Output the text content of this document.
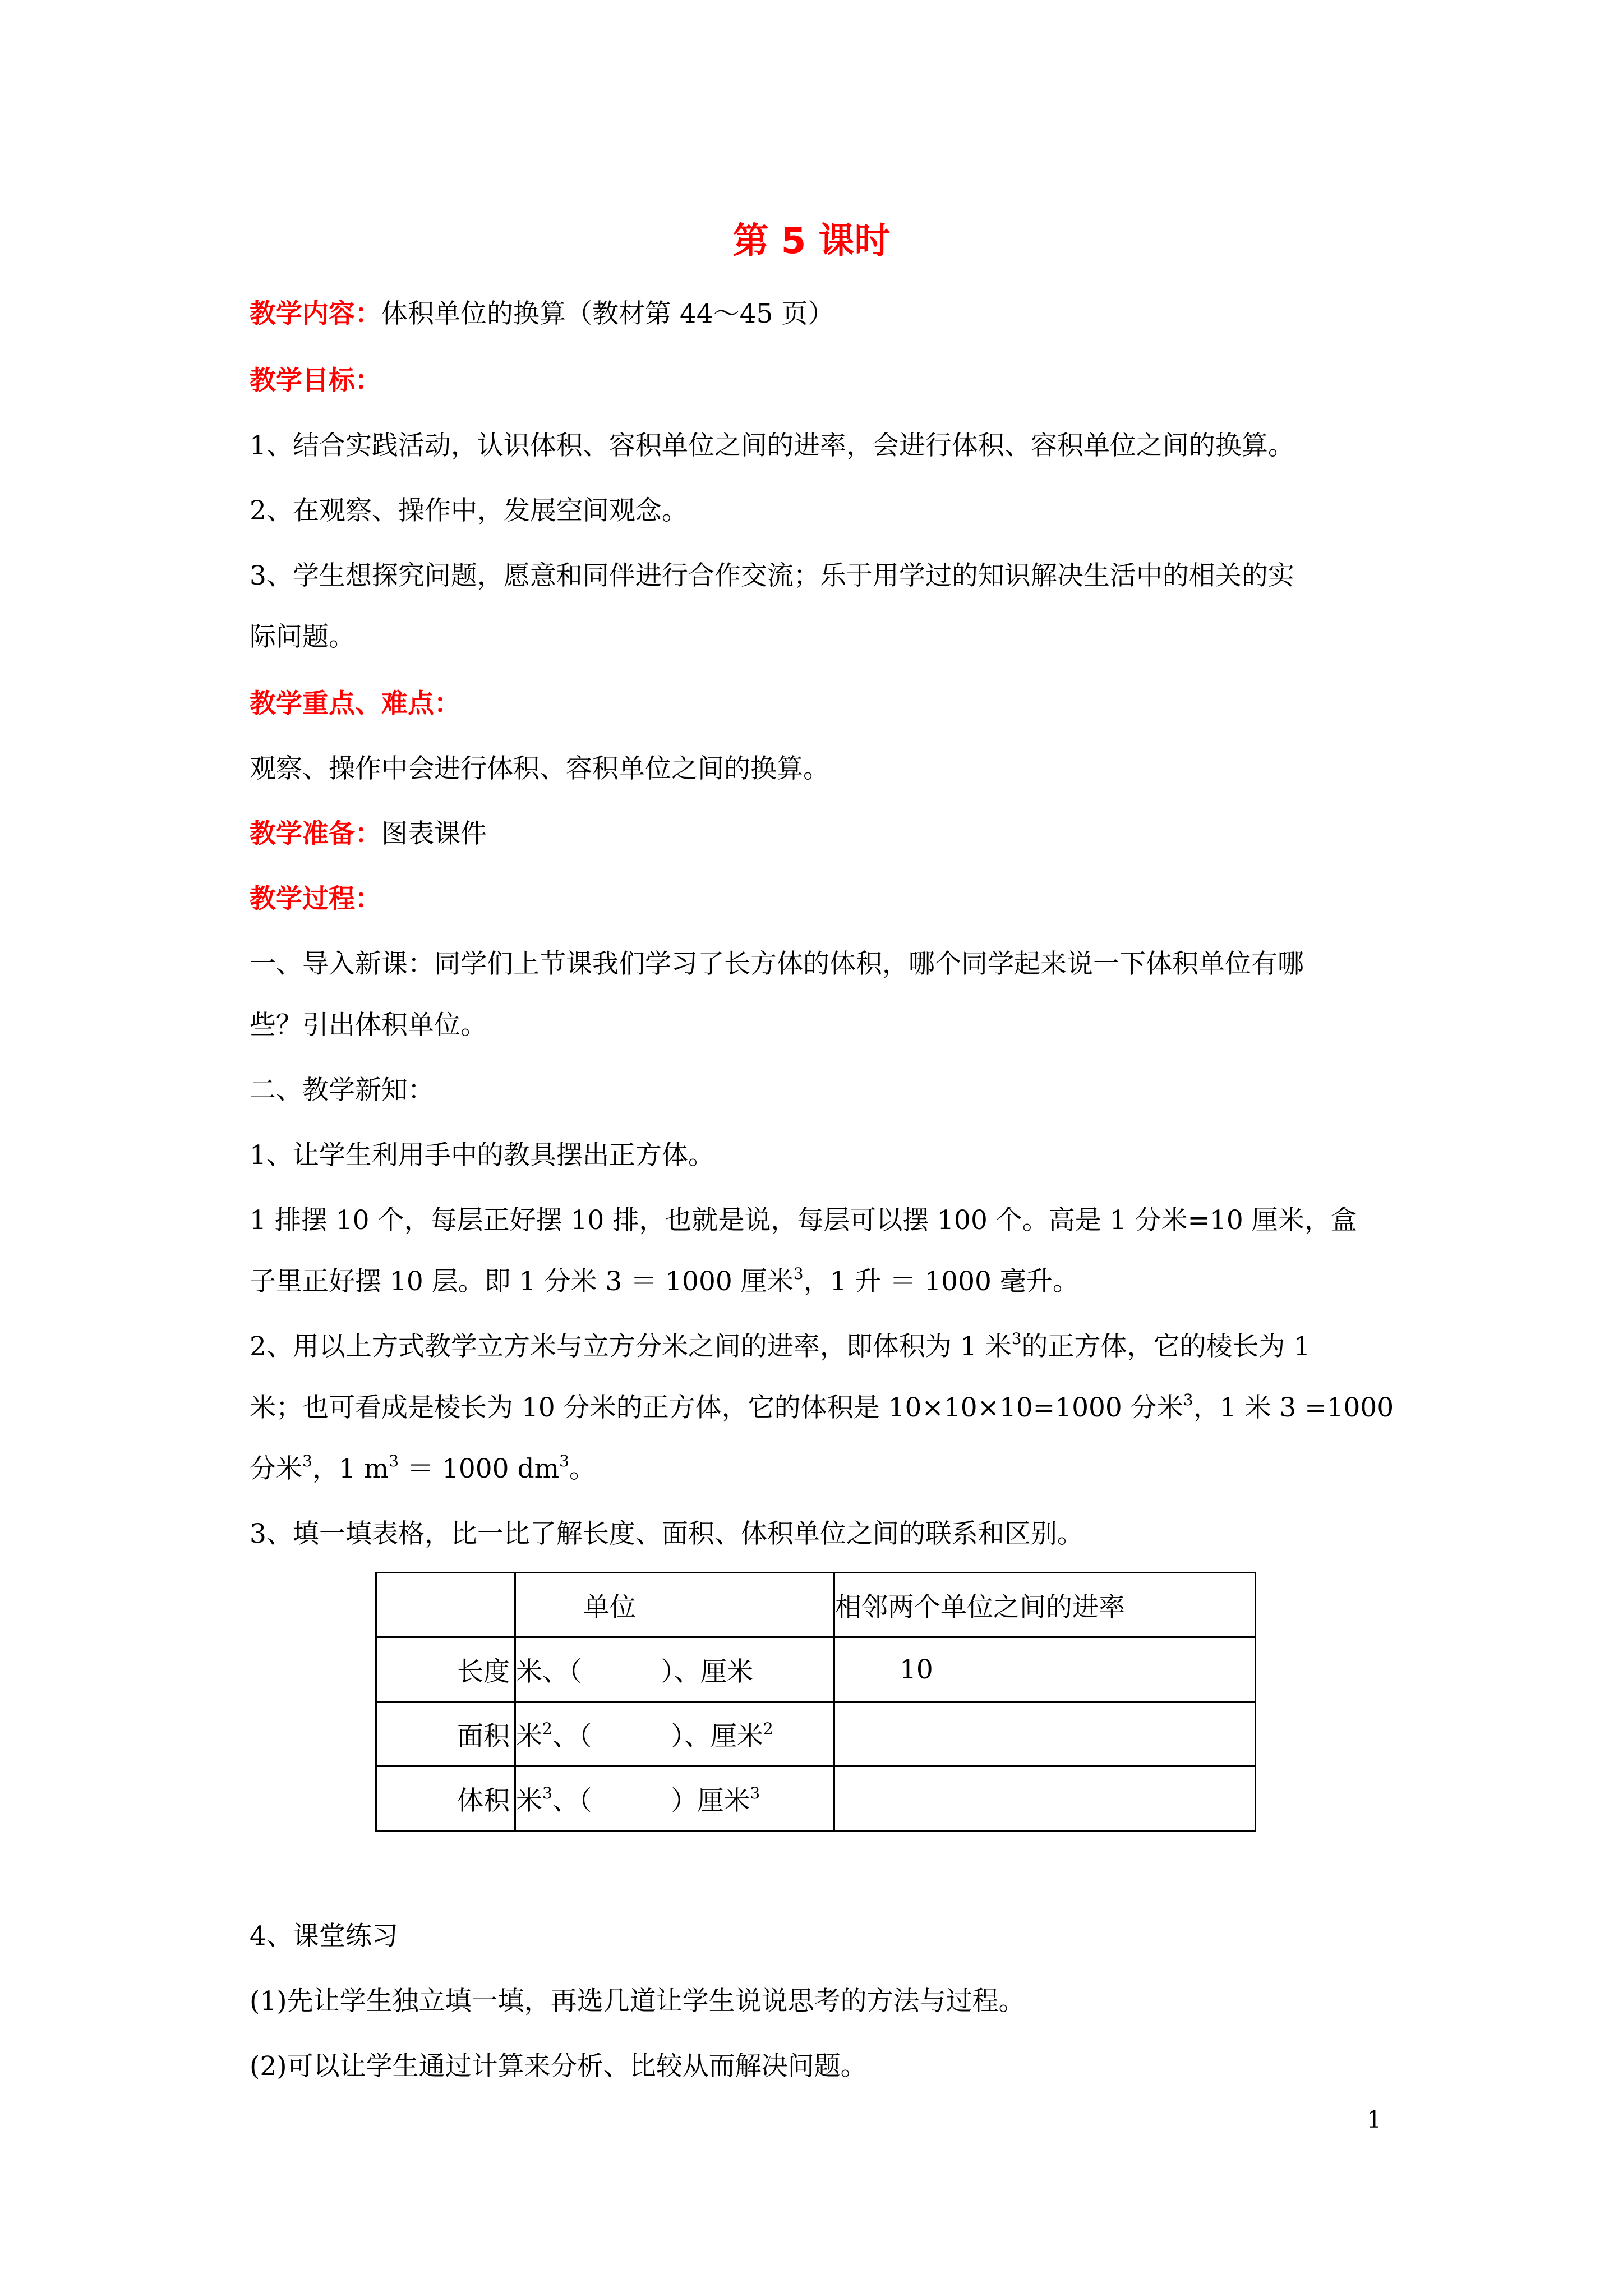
第 5 课时
教学内容：体积单位的换算（教材第 44～45 页）
教学目标：
1、结合实践活动，认识体积、容积单位之间的进率，会进行体积、容积单位之间的换算。
2、在观察、操作中，发展空间观念。
3、学生想探究问题，愿意和同伴进行合作交流；乐于用学过的知识解决生活中的相关的实
际问题。
教学重点、难点：
观察、操作中会进行体积、容积单位之间的换算。
教学准备：图表课件
教学过程：
一、导入新课：同学们上节课我们学习了长方体的体积，哪个同学起来说一下体积单位有哪
些？引出体积单位。
二、教学新知：
1、让学生利用手中的教具摆出正方体。
1 排摆 10 个，每层正好摆 10 排，也就是说，每层可以摆 100 个。高是 1 分米=10 厘米，盒
子里正好摆 10 层。即 1 分米 3 ＝ 1000 厘米$^3$，1 升 ＝ 1000 毫升。
2、用以上方式教学立方米与立方分米之间的进率，即体积为 1 米$^3$的正方体，它的棱长为 1
米；也可看成是棱长为 10 分米的正方体，它的体积是 10×10×10=1000 分米$^3$，1 米 3 =1000
分米$^3$，1 $m^3 = 1000$ $dm^3$。
3、填一填表格，比一比了解长度、面积、体积单位之间的联系和区别。
	单位	相邻两个单位之间的进率
长度	米、（　　　）、厘米	10
面积	米$^2$、（　　　）、厘米$^2$	
体积	米$^3$、（　　　）厘米$^3$	
4、课堂练习
(1)先让学生独立填一填，再选几道让学生说说思考的方法与过程。
(2)可以让学生通过计算来分析、比较从而解决问题。
1
